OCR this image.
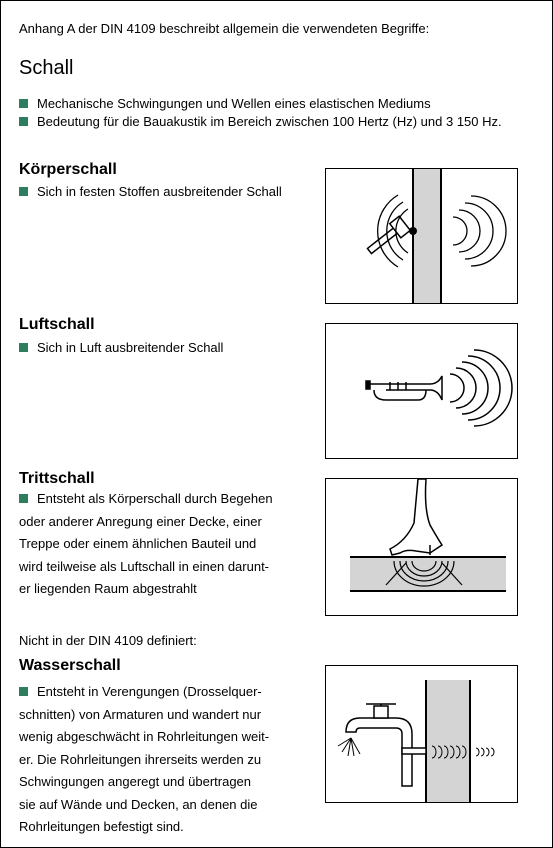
Anhang A der DIN 4109 beschreibt allgemein die verwendeten Begriffe:
Schall
Mechanische Schwingungen und Wellen eines elastischen Mediums
Bedeutung für die Bauakustik im Bereich zwischen 100 Hertz (Hz) und 3 150 Hz.
Körperschall
Sich in festen Stoffen ausbreitender Schall
Luftschall
Sich in Luft ausbreitender Schall
Trittschall
Entsteht als Körperschall durch Begehen
oder anderer Anregung einer Decke, einer
Treppe oder einem ähnlichen Bauteil und
wird teilweise als Luftschall in einen darunt-
er liegenden Raum abgestrahlt
Nicht in der DIN 4109 definiert:
Wasserschall
Entsteht in Verengungen (Drosselquer-
schnitten) von Armaturen und wandert nur
wenig abgeschwächt in Rohrleitungen weit-
er. Die Rohrleitungen ihrerseits werden zu
Schwingungen angeregt und übertragen
sie auf Wände und Decken, an denen die
Rohrleitungen befestigt sind.
